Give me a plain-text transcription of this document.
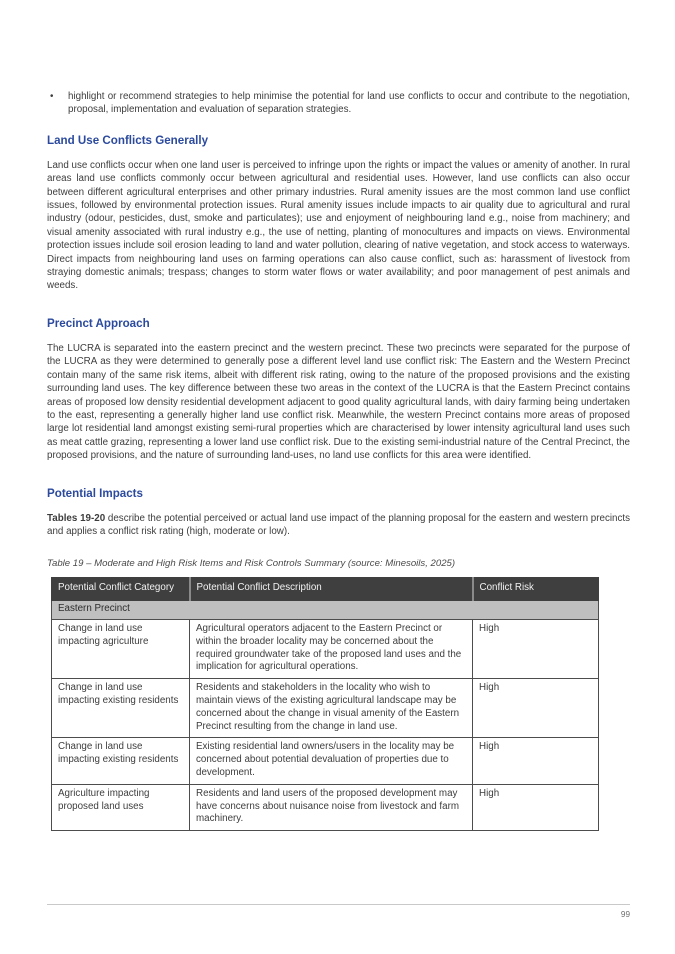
• highlight or recommend strategies to help minimise the potential for land use conflicts to occur and contribute to the negotiation, proposal, implementation and evaluation of separation strategies.
Land Use Conflicts Generally

Land use conflicts occur when one land user is perceived to infringe upon the rights or impact the values or amenity of another. In rural areas land use conflicts commonly occur between agricultural and residential uses. However, land use conflicts can also occur between different agricultural enterprises and other primary industries. Rural amenity issues are the most common land use conflict issues, followed by environmental protection issues. Rural amenity issues include impacts to air quality due to agricultural and rural industry (odour, pesticides, dust, smoke and particulates); use and enjoyment of neighbouring land e.g., noise from machinery; and visual amenity associated with rural industry e.g., the use of netting, planting of monocultures and impacts on views. Environmental protection issues include soil erosion leading to land and water pollution, clearing of native vegetation, and stock access to waterways. Direct impacts from neighbouring land uses on farming operations can also cause conflict, such as: harassment of livestock from straying domestic animals; trespass; changes to storm water flows or water availability; and poor management of pest animals and weeds.

Precinct Approach

The LUCRA is separated into the eastern precinct and the western precinct. These two precincts were separated for the purpose of the LUCRA as they were determined to generally pose a different level land use conflict risk: The Eastern and the Western Precinct contain many of the same risk items, albeit with different risk rating, owing to the nature of the proposed provisions and the existing surrounding land uses. The key difference between these two areas in the context of the LUCRA is that the Eastern Precinct contains areas of proposed low density residential development adjacent to good quality agricultural lands, with dairy farming being undertaken to the east, representing a generally higher land use conflict risk. Meanwhile, the western Precinct contains more areas of proposed large lot residential land amongst existing semi-rural properties which are characterised by lower intensity agricultural land uses such as meat cattle grazing, representing a lower land use conflict risk. Due to the existing semi-industrial nature of the Central Precinct, the proposed provisions, and the nature of surrounding land-uses, no land use conflicts for this area were identified.

Potential Impacts

Tables 19-20 describe the potential perceived or actual land use impact of the planning proposal for the eastern and western precincts and applies a conflict risk rating (high, moderate or low).

Table 19 – Moderate and High Risk Items and Risk Controls Summary (source: Minesoils, 2025)
Potential Conflict Category	Potential Conflict Description	Conflict Risk
Eastern Precinct		
Change in land use impacting agriculture	Agricultural operators adjacent to the Eastern Precinct or within the broader locality may be concerned about the required groundwater take of the proposed land uses and the implication for agricultural operations.	High
Change in land use impacting existing residents	Residents and stakeholders in the locality who wish to maintain views of the existing agricultural landscape may be concerned about the change in visual amenity of the Eastern Precinct resulting from the change in land use.	High
Change in land use impacting existing residents	Existing residential land owners/users in the locality may be concerned about potential devaluation of properties due to development.	High
Agriculture impacting proposed land uses	Residents and land users of the proposed development may have concerns about nuisance noise from livestock and farm machinery.	High
99
